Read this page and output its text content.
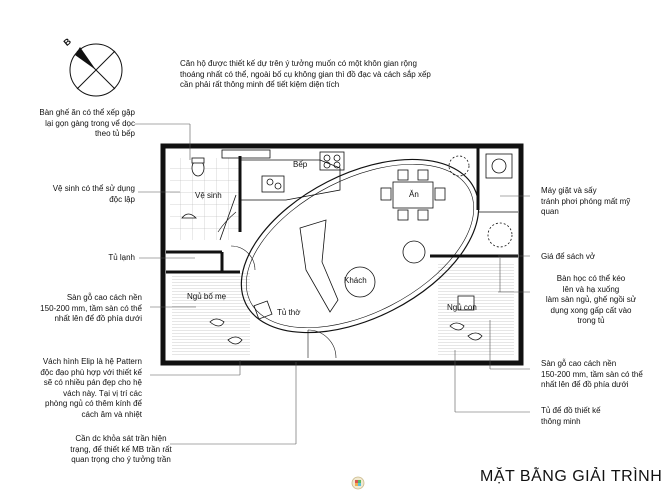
B
Căn hộ được thiết kế dự trên ý tưởng muốn có một khôn gian rộng
thoáng nhất có thể, ngoài bố cụ không gian thì đồ đạc và cách sắp xếp
cần phải rất thông minh để tiết kiệm diện tích
Bàn ghế ăn có thể xếp gập
lại gọn gàng trong vể dọc
theo tủ bếp
Vệ sinh có thể sử dụng
độc lập
Tủ lạnh
Sàn gỗ cao cách nền
150-200 mm, tầm sàn có thể
nhất lên để đồ phía dưới
Vách hình Elip là hệ Pattern
độc đạo phù hợp với thiết kế
sẽ có nhiều pán đẹp cho hệ
vách này. Tại vị trí các
phòng ngủ có thêm kính để
cách âm và nhiệt
Cần dc khỏa sát trần hiện
trạng, để thiết kế MB trần rất
quan trọng cho ý tưởng trần
Máy giặt và sấy
tránh phơi phóng mất mỹ
quan
Giá để sách vở
Bàn học có thể kéo
lên và hạ xuống
làm sàn ngủ, ghế ngồi sử
dụng xong gấp cất vào
trong tủ
Sàn gỗ cao cách nền
150-200 mm, tầm sàn có thể
nhất lên để đồ phía dưới
Tủ để đồ thiết kế
thông minh
Bếp
Vệ sinh	Ăn
Khách
Ngủ bố mẹ
Ngủ con
Tủ thờ
MẶT BẰNG GIẢI TRÌNH
